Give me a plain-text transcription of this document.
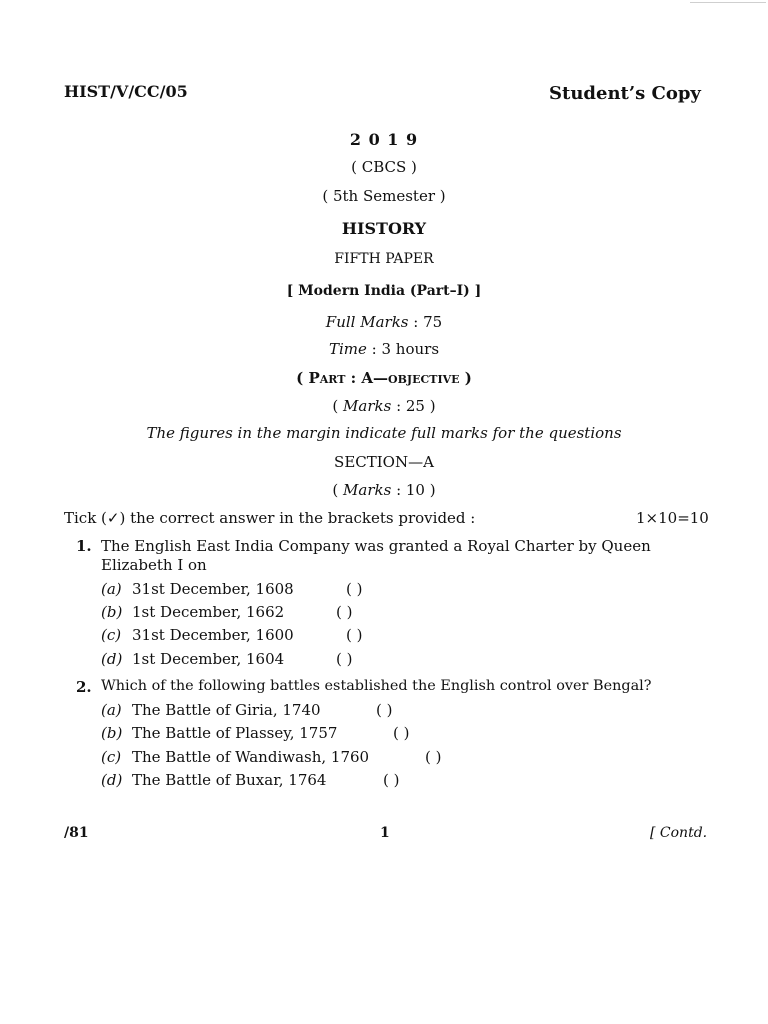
HIST/V/CC/05	Student’s Copy
2 0 1 9
( CBCS )
( 5th Semester )
HISTORY
FIFTH PAPER
[ Modern India (Part–I) ]
Full Marks : 75
Time : 3 hours
( Part : A—objective )
( Marks : 25 )
The figures in the margin indicate full marks for the questions
SECTION—A
( Marks : 10 )
Tick (✓) the correct answer in the brackets provided :	1×10=10
1. The English East India Company was granted a Royal Charter by Queen
Elizabeth I on
(a) 31st December, 1608	( )
(b) 1st December, 1662	( )
(c) 31st December, 1600	( )
(d) 1st December, 1604	( )
2. Which of the following battles established the English control over Bengal?
(a) The Battle of Giria, 1740	( )
(b) The Battle of Plassey, 1757	( )
(c) The Battle of Wandiwash, 1760	( )
(d) The Battle of Buxar, 1764	( )
/81	1	[ Contd.
